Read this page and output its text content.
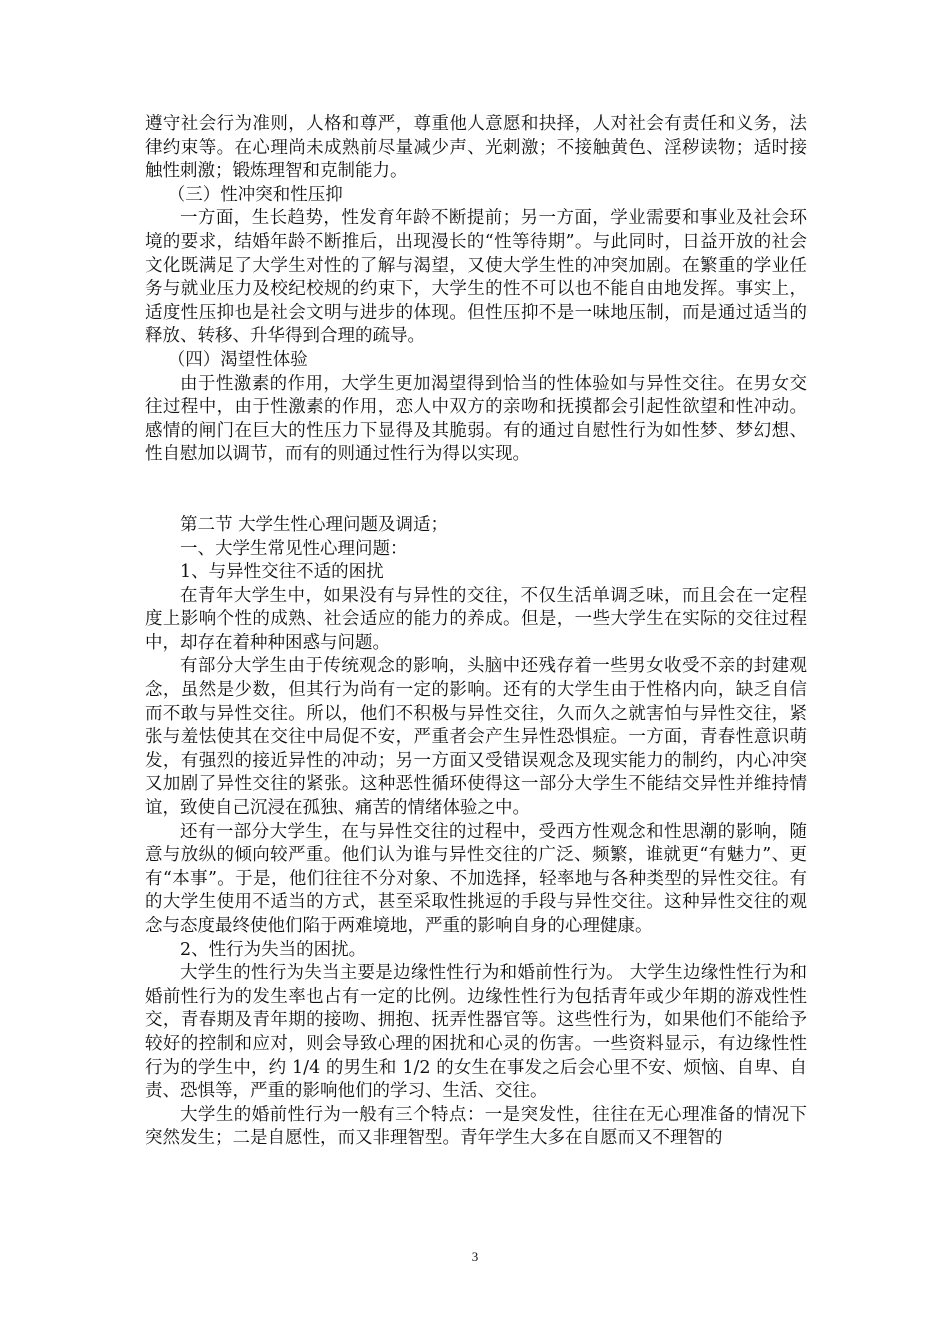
遵守社会行为准则，人格和尊严，尊重他人意愿和抉择，人对社会有责任和义务，法律约束等。在心理尚未成熟前尽量减少声、光刺激；不接触黄色、淫秽读物；适时接触性刺激；锻炼理智和克制能力。

（三）性冲突和性压抑

一方面，生长趋势，性发育年龄不断提前；另一方面，学业需要和事业及社会环境的要求，结婚年龄不断推后，出现漫长的“性等待期”。与此同时，日益开放的社会文化既满足了大学生对性的了解与渴望，又使大学生性的冲突加剧。在繁重的学业任务与就业压力及校纪校规的约束下，大学生的性不可以也不能自由地发挥。事实上，适度性压抑也是社会文明与进步的体现。但性压抑不是一味地压制，而是通过适当的释放、转移、升华得到合理的疏导。

（四）渴望性体验

由于性激素的作用，大学生更加渴望得到恰当的性体验如与异性交往。在男女交往过程中，由于性激素的作用，恋人中双方的亲吻和抚摸都会引起性欲望和性冲动。感情的闸门在巨大的性压力下显得及其脆弱。有的通过自慰性行为如性梦、梦幻想、性自慰加以调节，而有的则通过性行为得以实现。

第二节 大学生性心理问题及调适；

一、大学生常见性心理问题：

1、与异性交往不适的困扰

在青年大学生中，如果没有与异性的交往，不仅生活单调乏味，而且会在一定程度上影响个性的成熟、社会适应的能力的养成。但是，一些大学生在实际的交往过程中，却存在着种种困惑与问题。

有部分大学生由于传统观念的影响，头脑中还残存着一些男女收受不亲的封建观念，虽然是少数，但其行为尚有一定的影响。还有的大学生由于性格内向，缺乏自信而不敢与异性交往。所以，他们不积极与异性交往，久而久之就害怕与异性交往，紧张与羞怯使其在交往中局促不安，严重者会产生异性恐惧症。一方面，青春性意识萌发，有强烈的接近异性的冲动；另一方面又受错误观念及现实能力的制约，内心冲突又加剧了异性交往的紧张。这种恶性循环使得这一部分大学生不能结交异性并维持情谊，致使自己沉浸在孤独、痛苦的情绪体验之中。

还有一部分大学生，在与异性交往的过程中，受西方性观念和性思潮的影响，随意与放纵的倾向较严重。他们认为谁与异性交往的广泛、频繁，谁就更“有魅力”、更有“本事”。于是，他们往往不分对象、不加选择，轻率地与各种类型的异性交往。有的大学生使用不适当的方式，甚至采取性挑逗的手段与异性交往。这种异性交往的观念与态度最终使他们陷于两难境地，严重的影响自身的心理健康。

2、性行为失当的困扰。

大学生的性行为失当主要是边缘性性行为和婚前性行为。 大学生边缘性性行为和婚前性行为的发生率也占有一定的比例。边缘性性行为包括青年或少年期的游戏性性交，青春期及青年期的接吻、拥抱、抚弄性器官等。这些性行为，如果他们不能给予较好的控制和应对，则会导致心理的困扰和心灵的伤害。一些资料显示，有边缘性性行为的学生中，约 1/4 的男生和 1/2 的女生在事发之后会心里不安、烦恼、自卑、自责、恐惧等，严重的影响他们的学习、生活、交往。

大学生的婚前性行为一般有三个特点：一是突发性，往往在无心理准备的情况下突然发生；二是自愿性，而又非理智型。青年学生大多在自愿而又不理智的

3
